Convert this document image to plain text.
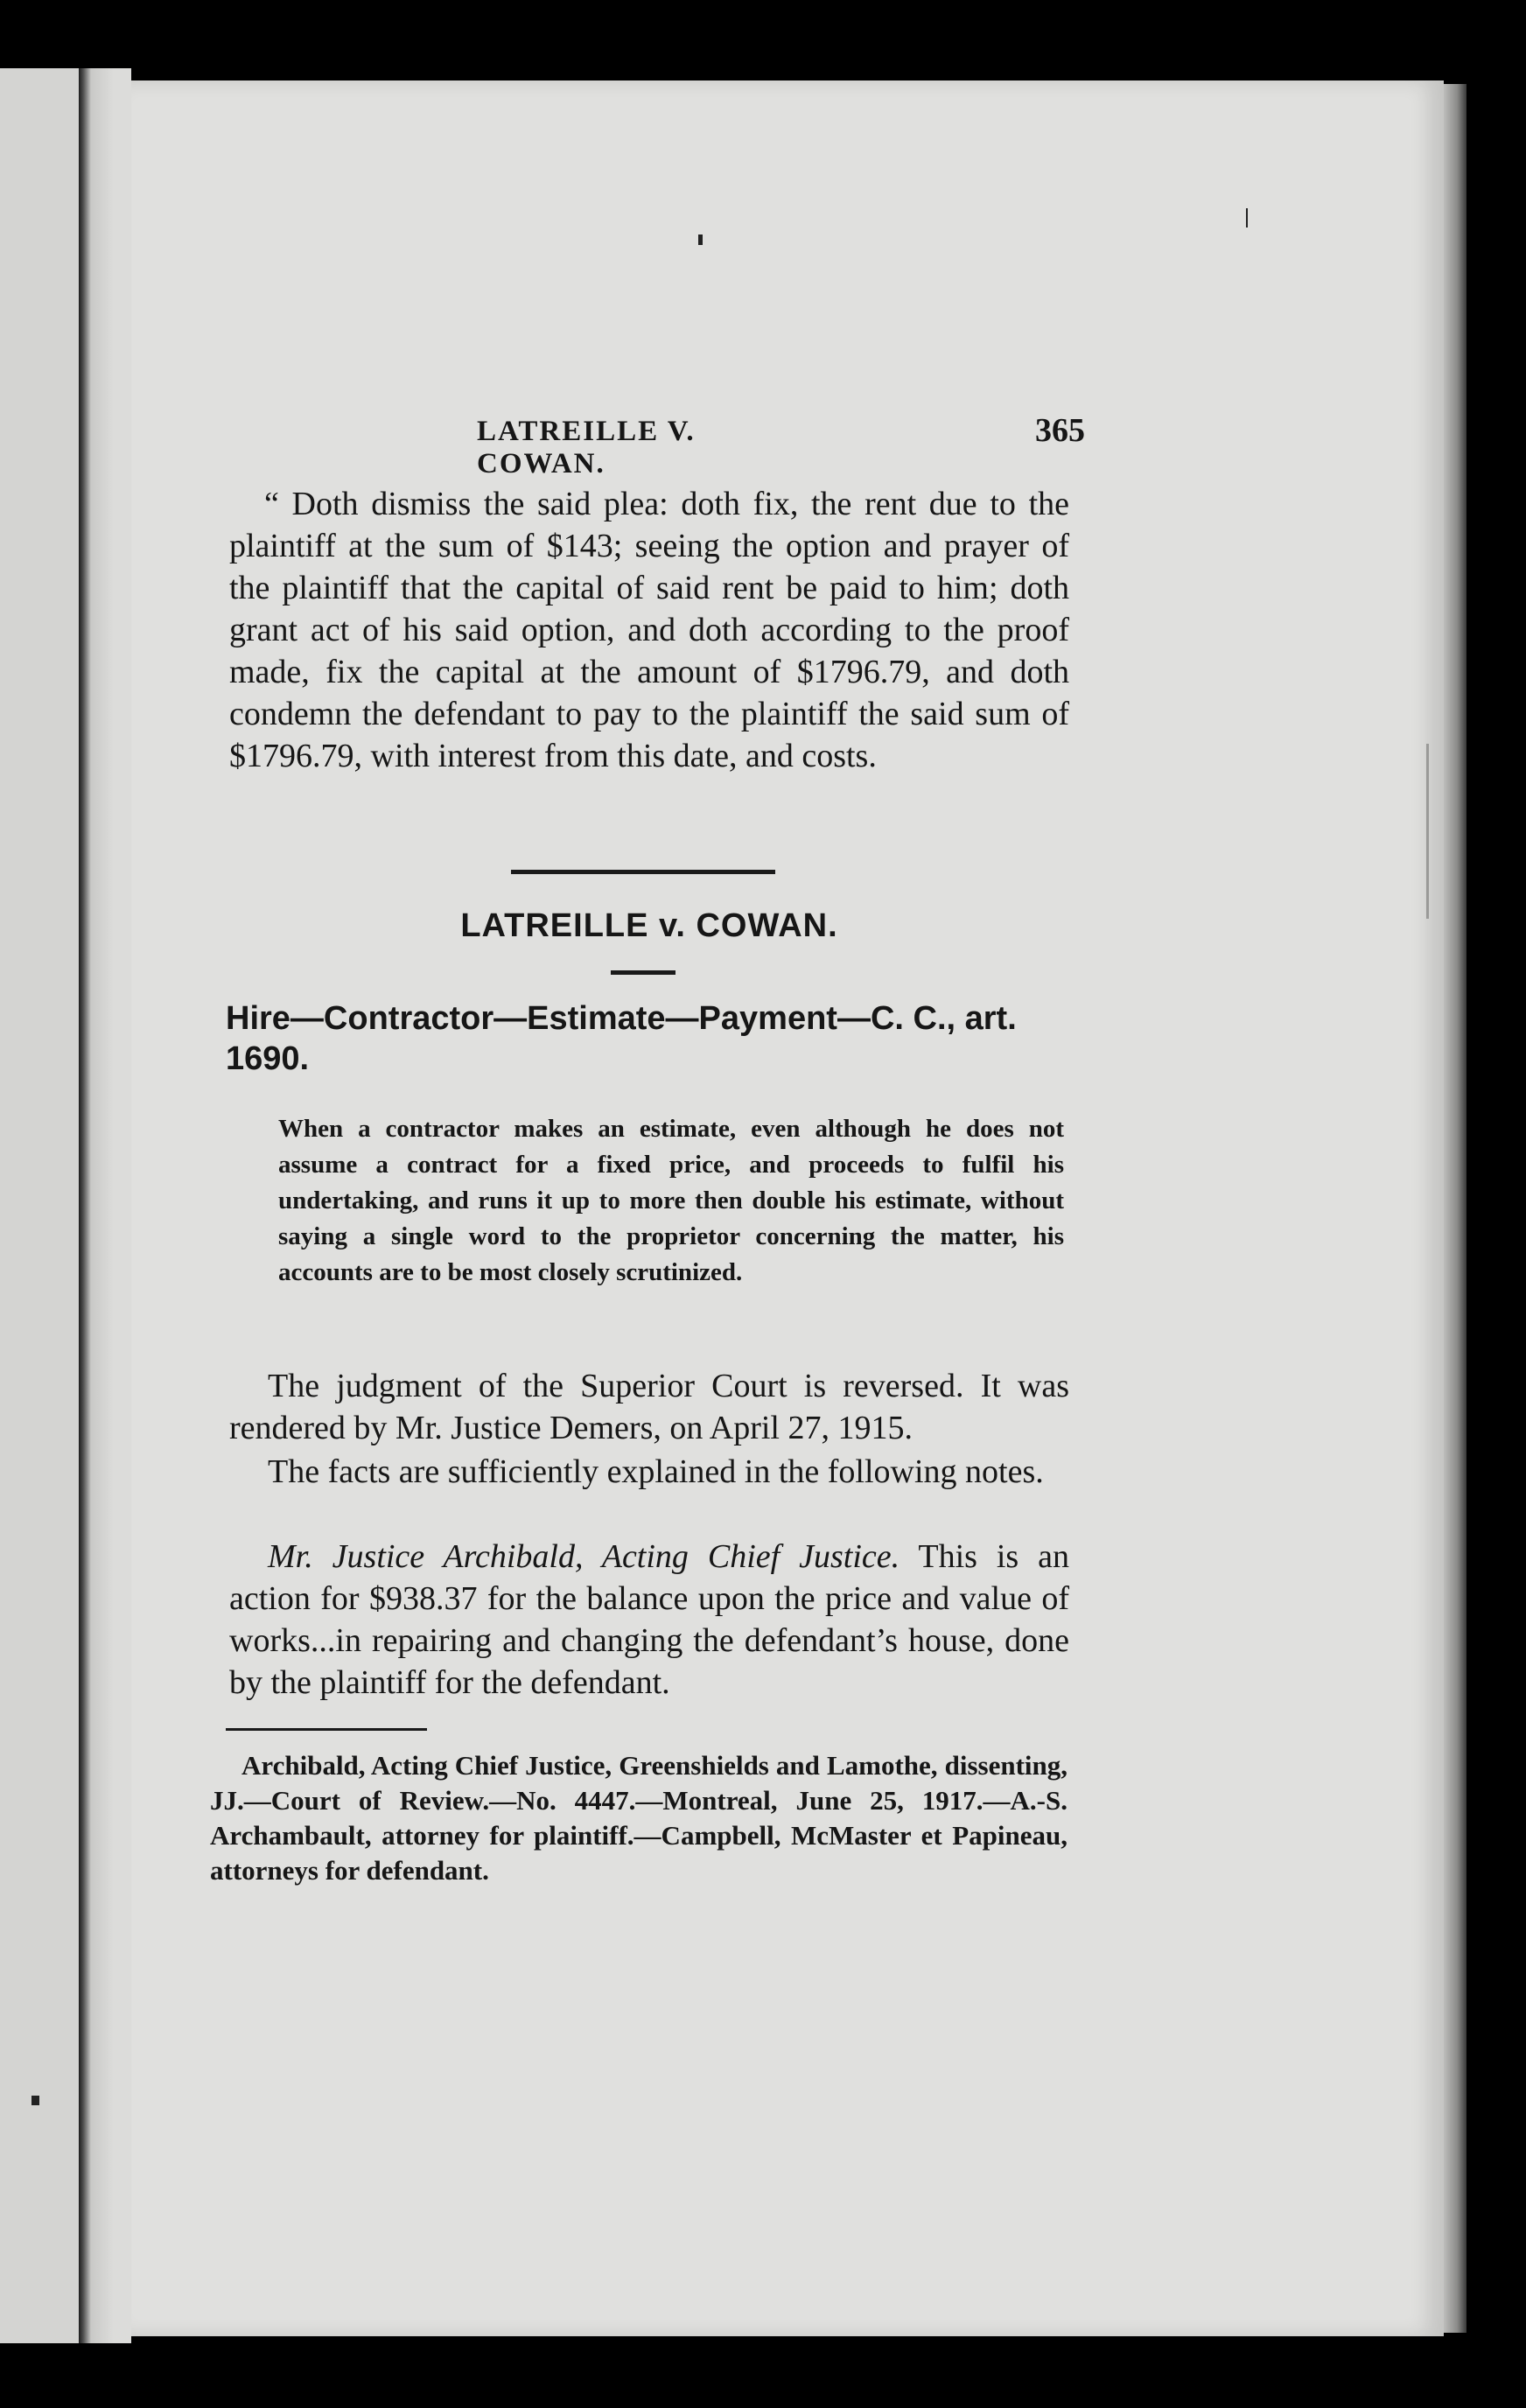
LATREILLE V. COWAN.
365
“ Doth dismiss the said plea: doth fix, the rent due to the plaintiff at the sum of $143; seeing the option and prayer of the plaintiff that the capital of said rent be paid to him; doth grant act of his said option, and doth according to the proof made, fix the capital at the amount of $1796.79, and doth condemn the defendant to pay to the plaintiff the said sum of $1796.79, with interest from this date, and costs.
LATREILLE v. COWAN.
Hire—Contractor—Estimate—Payment—C. C., art. 1690.
When a contractor makes an estimate, even although he does not assume a contract for a fixed price, and proceeds to fulfil his undertaking, and runs it up to more then double his estimate, without saying a single word to the proprietor concerning the matter, his accounts are to be most closely scrutinized.
The judgment of the Superior Court is reversed. It was rendered by Mr. Justice Demers, on April 27, 1915.
The facts are sufficiently explained in the following notes.
Mr. Justice Archibald, Acting Chief Justice. This is an action for $938.37 for the balance upon the price and value of works...in repairing and changing the defendant’s house, done by the plaintiff for the defendant.
Archibald, Acting Chief Justice, Greenshields and Lamothe, dissenting, JJ.—Court of Review.—No. 4447.—Montreal, June 25, 1917.—A.-S. Archambault, attorney for plaintiff.—Campbell, McMaster et Papineau, attorneys for defendant.
